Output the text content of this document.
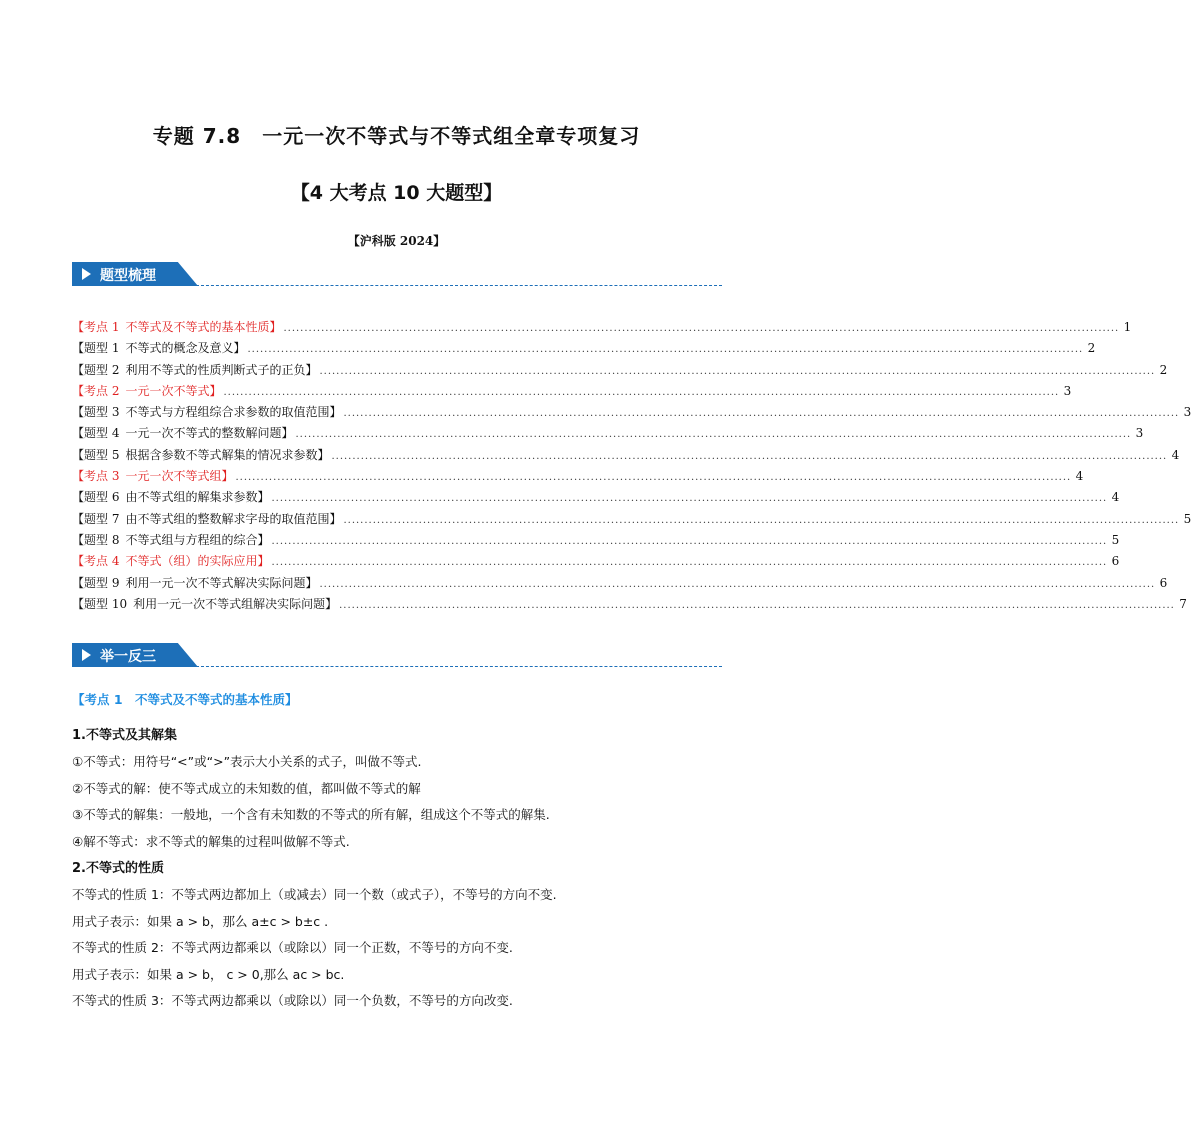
专题 7.8　一元一次不等式与不等式组全章专项复习
【4 大考点 10 大题型】
【沪科版 2024】
题型梳理
【考点 1 不等式及不等式的基本性质】 ........................................................................................................................................................................................................ 1
【题型 1 不等式的概念及意义】 ........................................................................................................................................................................................................ 2
【题型 2 利用不等式的性质判断式子的正负】 ........................................................................................................................................................................................................ 2
【考点 2 一元一次不等式】 ........................................................................................................................................................................................................ 3
【题型 3 不等式与方程组综合求参数的取值范围】 ........................................................................................................................................................................................................ 3
【题型 4 一元一次不等式的整数解问题】 ........................................................................................................................................................................................................ 3
【题型 5 根据含参数不等式解集的情况求参数】 ........................................................................................................................................................................................................ 4
【考点 3 一元一次不等式组】 ........................................................................................................................................................................................................ 4
【题型 6 由不等式组的解集求参数】 ........................................................................................................................................................................................................ 4
【题型 7 由不等式组的整数解求字母的取值范围】 ........................................................................................................................................................................................................ 5
【题型 8 不等式组与方程组的综合】 ........................................................................................................................................................................................................ 5
【考点 4 不等式（组）的实际应用】 ........................................................................................................................................................................................................ 6
【题型 9 利用一元一次不等式解决实际问题】 ........................................................................................................................................................................................................ 6
【题型 10 利用一元一次不等式组解决实际问题】 ........................................................................................................................................................................................................ 7
举一反三
【考点 1　不等式及不等式的基本性质】
1.不等式及其解集
①不等式：用符号“<”或“>”表示大小关系的式子，叫做不等式.
②不等式的解：使不等式成立的未知数的值，都叫做不等式的解
③不等式的解集：一般地，一个含有未知数的不等式的所有解，组成这个不等式的解集.
④解不等式：求不等式的解集的过程叫做解不等式.
2.不等式的性质
不等式的性质 1：不等式两边都加上（或减去）同一个数（或式子），不等号的方向不变.
用式子表示：如果 a > b，那么 a±c > b±c .
不等式的性质 2：不等式两边都乘以（或除以）同一个正数，不等号的方向不变.
用式子表示：如果 a > b， c > 0,那么 ac > bc.
不等式的性质 3：不等式两边都乘以（或除以）同一个负数，不等号的方向改变.
